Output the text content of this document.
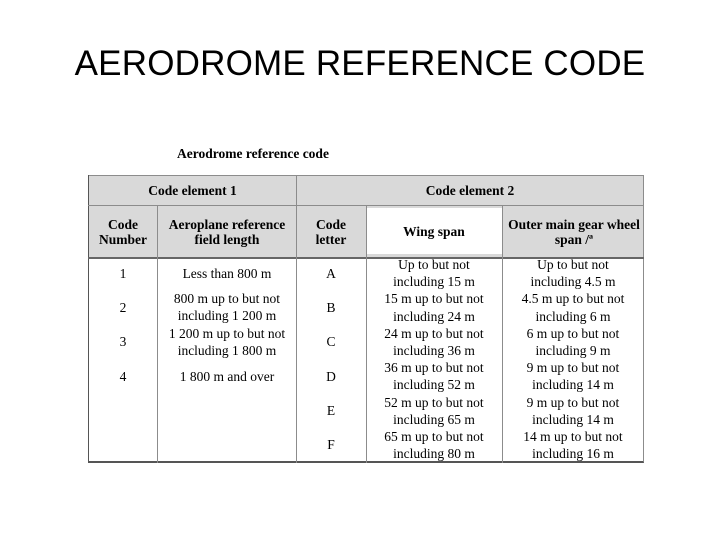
AERODROME REFERENCE CODE
Aerodrome reference code
Code element 1	Code element 2
Code Number
Aeroplane reference field length
Code letter
Wing span	Outer main gear wheel span /ª
1
2
3
4
Less than 800 m
800 m up to but not including 1 200 m
1 200 m up to but not including 1 800 m
1 800 m and over
A
B
C
D
E
F
Up to but not
including 15 m
15 m up to but not
including 24 m
24 m up to but not
including 36 m
36 m up to but not
including 52 m
52 m up to but not
including 65 m
65 m up to but not
including 80 m
Up to but not
including 4.5 m
4.5 m up to but not
including 6 m
6 m up to but not
including 9 m
9 m up to but not
including 14 m
9 m up to but not
including 14 m
14 m up to but not
including 16 m
